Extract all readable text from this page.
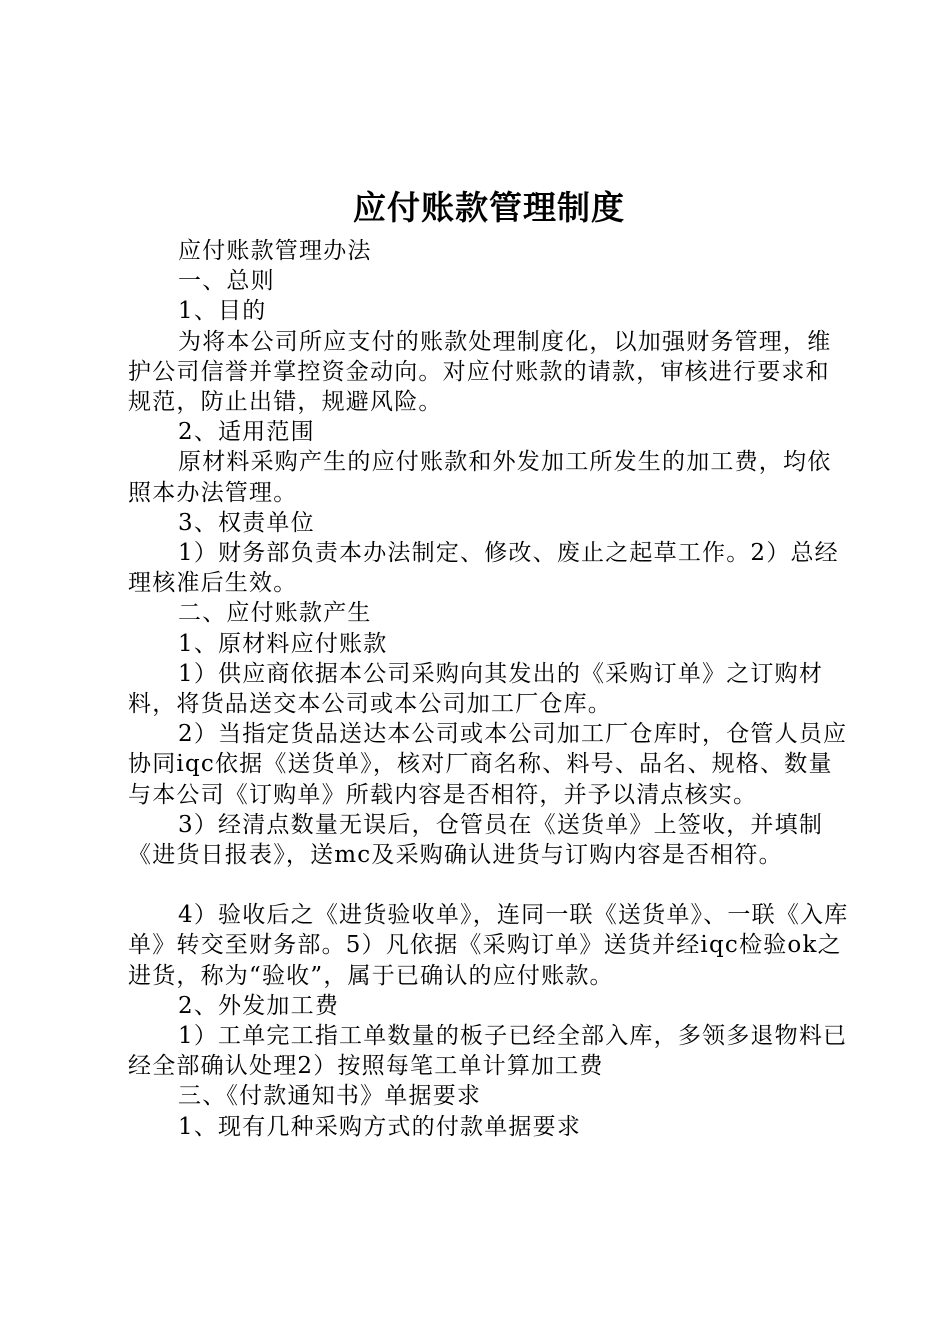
应付账款管理制度

应付账款管理办法

一、总则

1、目的

为将本公司所应支付的账款处理制度化，以加强财务管理，维护公司信誉并掌控资金动向。对应付账款的请款，审核进行要求和规范，防止出错，规避风险。

2、适用范围

原材料采购产生的应付账款和外发加工所发生的加工费，均依照本办法管理。

3、权责单位

1）财务部负责本办法制定、修改、废止之起草工作。2）总经理核准后生效。

二、应付账款产生

1、原材料应付账款

1）供应商依据本公司采购向其发出的《采购订单》之订购材料，将货品送交本公司或本公司加工厂仓库。

2）当指定货品送达本公司或本公司加工厂仓库时，仓管人员应协同iqc依据《送货单》，核对厂商名称、料号、品名、规格、数量与本公司《订购单》所载内容是否相符，并予以清点核实。

3）经清点数量无误后，仓管员在《送货单》上签收，并填制《进货日报表》，送mc及采购确认进货与订购内容是否相符。

4）验收后之《进货验收单》，连同一联《送货单》、一联《入库单》转交至财务部。5）凡依据《采购订单》送货并经iqc检验ok之进货，称为“验收”，属于已确认的应付账款。

2、外发加工费

1）工单完工指工单数量的板子已经全部入库，多领多退物料已经全部确认处理2）按照每笔工单计算加工费

三、《付款通知书》单据要求

1、现有几种采购方式的付款单据要求
